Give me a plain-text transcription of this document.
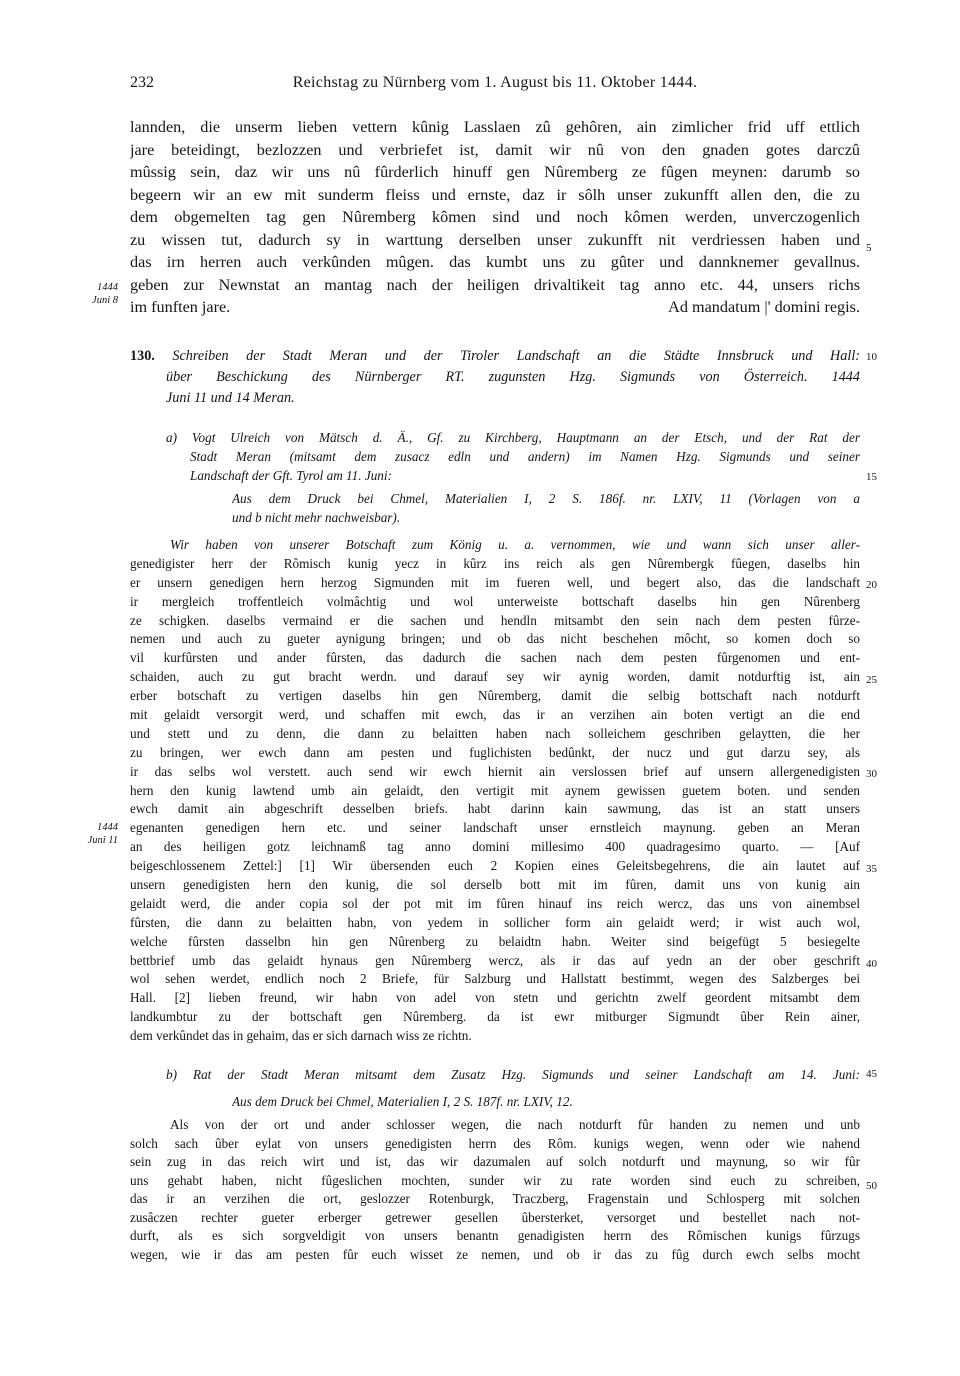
232	Reichstag zu Nürnberg vom 1. August bis 11. Oktober 1444.
lannden, die unserm lieben vettern kûnig Lasslaen zû gehôren, ain zimlicher frid uff ettlich
jare beteidingt, bezlozzen und verbriefet ist, damit wir nû von den gnaden gotes darczû
mûssig sein, daz wir uns nû fûrderlich hinuff gen Nûremberg ze fûgen meynen: darumb so
begeern wir an ew mit sunderm fleiss und ernste, daz ir sôlh unser zukunfft allen den, die zu
dem obgemelten tag gen Nûremberg kômen sind und noch kômen werden, unverczogenlich
zu wissen tut, dadurch sy in warttung derselben unser zukunfft nit verdriessen haben und
das irn herren auch verkûnden mûgen. das kumbt uns zu gûter und dannknemer gevallnus.
geben zur Newnstat an mantag nach der heiligen drivaltikeit tag anno etc. 44, unsers richs
im funften jare.	Ad mandatum |' domini regis.
1444
Juni 8
130. Schreiben der Stadt Meran und der Tiroler Landschaft an die Städte Innsbruck und Hall:
über Beschickung des Nürnberger RT. zugunsten Hzg. Sigmunds von Österreich. 1444
Juni 11 und 14 Meran.
a) Vogt Ulreich von Mätsch d. Ä., Gf. zu Kirchberg, Hauptmann an der Etsch, und der Rat der
Stadt Meran (mitsamt dem zusacz edln und andern) im Namen Hzg. Sigmunds und seiner
Landschaft der Gft. Tyrol am 11. Juni:
Aus dem Druck bei Chmel, Materialien I, 2 S. 186f. nr. LXIV, 11 (Vorlagen von a
und b nicht mehr nachweisbar).
Wir haben von unserer Botschaft zum König u. a. vernommen, wie und wann sich unser aller-
genedigister herr der Rômisch kunig yecz in kûrz ins reich als gen Nûrembergk fûegen, daselbs hin
er unsern genedigen hern herzog Sigmunden mit im fueren well, und begert also, das die landschaft
ir mergleich troffentleich volmâchtig und wol unterweiste bottschaft daselbs hin gen Nûrenberg
ze schigken. daselbs vermaind er die sachen und hendln mitsambt den sein nach dem pesten fûrze-
nemen und auch zu gueter aynigung bringen; und ob das nicht beschehen môcht, so komen doch so
vil kurfûrsten und ander fûrsten, das dadurch die sachen nach dem pesten fûrgenomen und ent-
schaiden, auch zu gut bracht werdn. und darauf sey wir aynig worden, damit notdurftig ist, ain
erber botschaft zu vertigen daselbs hin gen Nûremberg, damit die selbig bottschaft nach notdurft
mit gelaidt versorgit werd, und schaffen mit ewch, das ir an verzihen ain boten vertigt an die end
und stett und zu denn, die dann zu belaitten haben nach solleichem geschriben gelaytten, die her
zu bringen, wer ewch dann am pesten und fuglichisten bedûnkt, der nucz und gut darzu sey, als
ir das selbs wol verstett. auch send wir ewch hiernit ain verslossen brief auf unsern allergenedigisten
hern den kunig lawtend umb ain gelaidt, den vertigit mit aynem gewissen guetem boten. und senden
ewch damit ain abgeschrift desselben briefs. habt darinn kain sawmung, das ist an statt unsers
egenanten genedigen hern etc. und seiner landschaft unser ernstleich maynung. geben an Meran
an des heiligen gotz leichnamß tag anno domini millesimo 400 quadragesimo quarto. — [Auf
beigeschlossenem Zettel:] [1] Wir übersenden euch 2 Kopien eines Geleitsbegehrens, die ain lautet auf
unsern genedigisten hern den kunig, die sol derselb bott mit im fûren, damit uns von kunig ain
gelaidt werd, die ander copia sol der pot mit im fûren hinauf ins reich wercz, das uns von ainembsel
fûrsten, die dann zu belaitten habn, von yedem in sollicher form ain gelaidt werd; ir wist auch wol,
welche fûrsten dasselbn hin gen Nûrenberg zu belaidtn habn. Weiter sind beigefügt 5 besiegelte
bettbrief umb das gelaidt hynaus gen Nûremberg wercz, als ir das auf yedn an der ober geschrift
wol sehen werdet, endlich noch 2 Briefe, für Salzburg und Hallstatt bestimmt, wegen des Salzberges bei
Hall. [2] lieben freund, wir habn von adel von stetn und gerichtn zwelf geordent mitsambt dem
landkumbtur zu der bottschaft gen Nûremberg. da ist ewr mitburger Sigmundt ûber Rein ainer,
dem verkûndet das in gehaim, das er sich darnach wiss ze richtn.
1444
Juni 11
b) Rat der Stadt Meran mitsamt dem Zusatz Hzg. Sigmunds und seiner Landschaft am 14. Juni:
Aus dem Druck bei Chmel, Materialien I, 2 S. 187f. nr. LXIV, 12.
Als von der ort und ander schlosser wegen, die nach notdurft fûr handen zu nemen und unb
solch sach ûber eylat von unsers genedigisten herrn des Rôm. kunigs wegen, wenn oder wie nahend
sein zug in das reich wirt und ist, das wir dazumalen auf solch notdurft und maynung, so wir fûr
uns gehabt haben, nicht fûgeslichen mochten, sunder wir zu rate worden sind euch zu schreiben,
das ir an verzihen die ort, geslozzer Rotenburgk, Traczberg, Fragenstain und Schlosperg mit solchen
zusâczen rechter gueter erberger getrewer gesellen ûbersterket, versorget und bestellet nach not-
durft, als es sich sorgveldigit von unsers benantn genadigisten herrn des Rômischen kunigs fûrzugs
wegen, wie ir das am pesten fûr euch wisset ze nemen, und ob ir das zu fûg durch ewch selbs mocht
5
10
15
20
25
30
35
40
45
50
